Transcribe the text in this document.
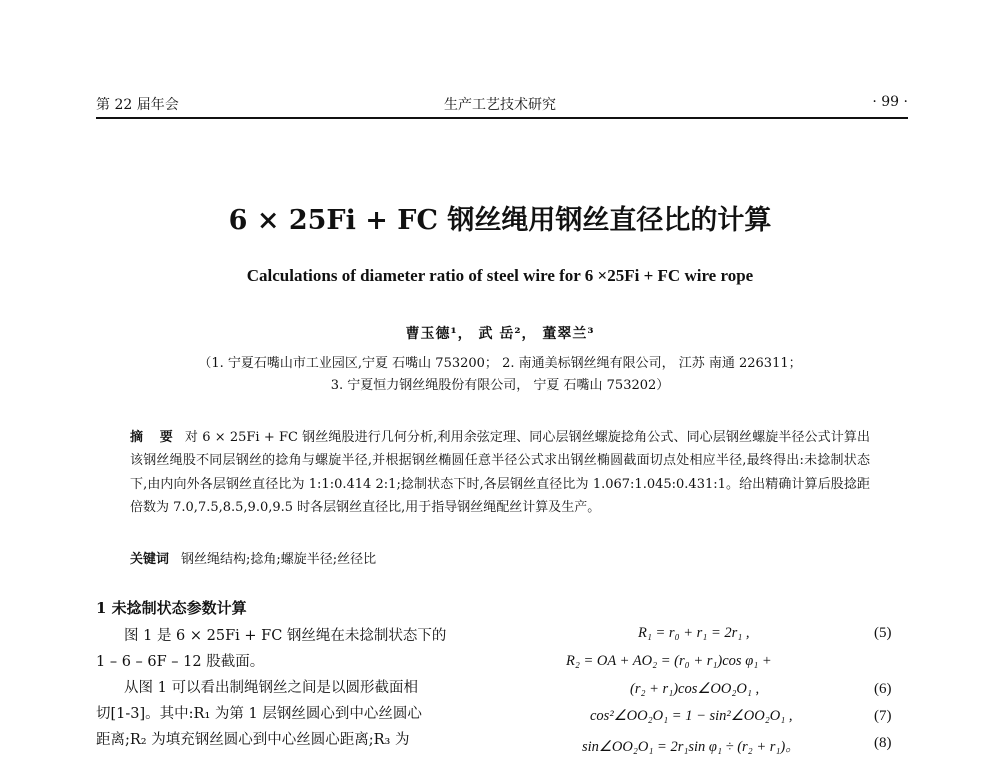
第 22 届年会	生产工艺技术研究	· 99 ·
6 × 25Fi + FC 钢丝绳用钢丝直径比的计算
Calculations of diameter ratio of steel wire for 6 ×25Fi + FC wire rope
曹玉德¹， 武 岳²， 董翠兰³
（1. 宁夏石嘴山市工业园区,宁夏 石嘴山 753200； 2. 南通美标钢丝绳有限公司， 江苏 南通 226311；
3. 宁夏恒力钢丝绳股份有限公司， 宁夏 石嘴山 753202）
摘 要 对 6 × 25Fi + FC 钢丝绳股进行几何分析,利用余弦定理、同心层钢丝螺旋捻角公式、同心层钢丝螺旋半径公式计算出该钢丝绳股不同层钢丝的捻角与螺旋半径,并根据钢丝椭圆任意半径公式求出钢丝椭圆截面切点处相应半径,最终得出:未捻制状态下,由内向外各层钢丝直径比为 1:1:0.414 2:1;捻制状态下时,各层钢丝直径比为 1.067:1.045:0.431:1。给出精确计算后股捻距倍数为 7.0,7.5,8.5,9.0,9.5 时各层钢丝直径比,用于指导钢丝绳配丝计算及生产。
关键词 钢丝绳结构;捻角;螺旋半径;丝径比
1 未捻制状态参数计算
图 1 是 6 × 25Fi + FC 钢丝绳在未捻制状态下的
1 – 6 – 6F – 12 股截面。
从图 1 可以看出制绳钢丝之间是以圆形截面相
切[1-3]。其中:R₁ 为第 1 层钢丝圆心到中心丝圆心
距离;R₂ 为填充钢丝圆心到中心丝圆心距离;R₃ 为
R₁ = r₀ + r₁ = 2r₁ ,	(5)
R₂ = OA + AO₂ = (r₀ + r₁)cos φ₁ +
(r₂ + r₁)cos∠OO₂O₁ ,	(6)
cos²∠OO₂O₁ = 1 − sin²∠OO₂O₁ ,	(7)
sin∠OO₂O₁ = 2r₁sin φ₁ ÷ (r₂ + r₁)。	(8)
